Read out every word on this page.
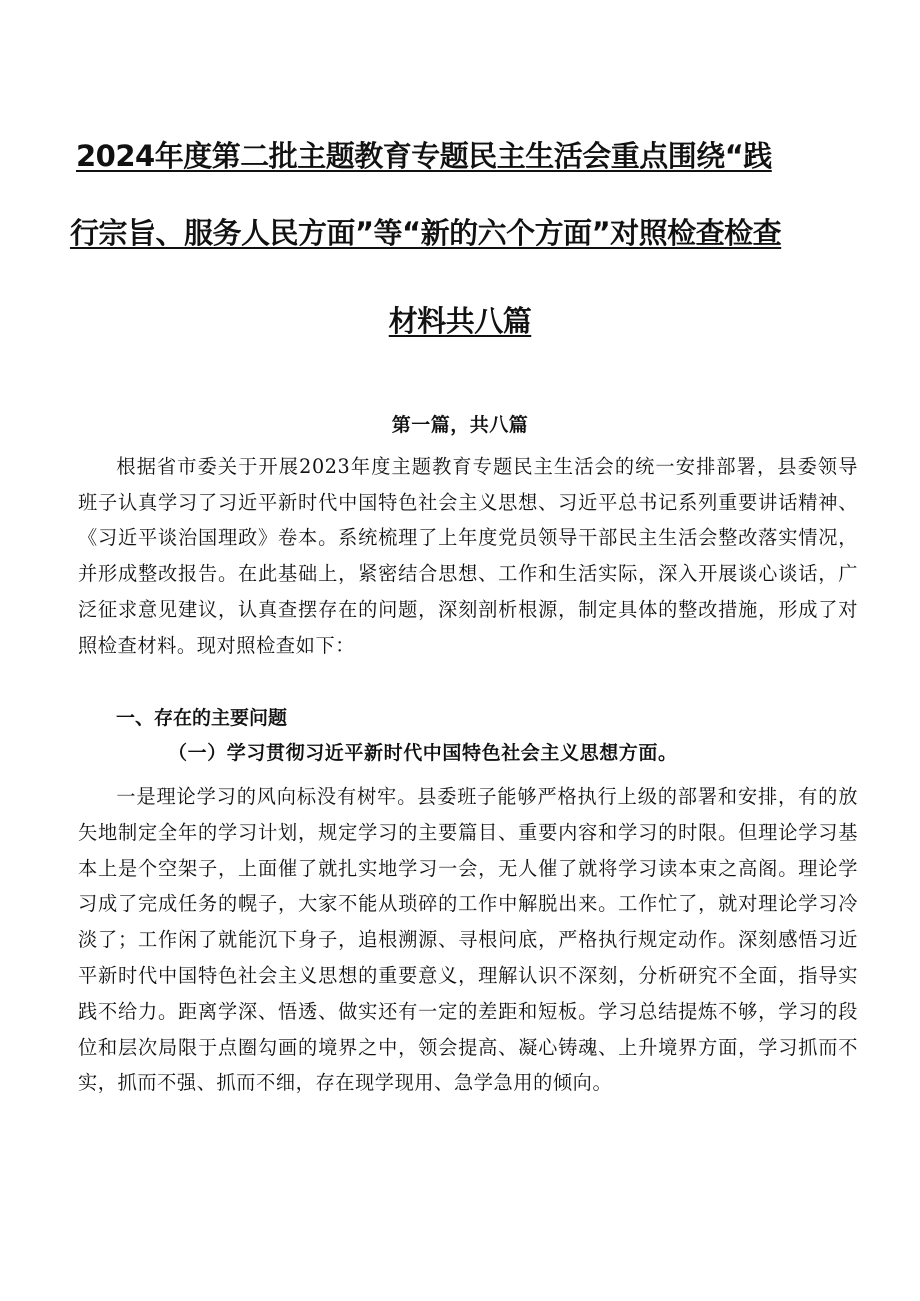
2024年度第二批主题教育专题民主生活会重点围绕“践
行宗旨、服务人民方面”等“新的六个方面”对照检查检查
材料共八篇
第一篇，共八篇

根据省市委关于开展2023年度主题教育专题民主生活会的统一安排部署，县委领导班子认真学习了习近平新时代中国特色社会主义思想、习近平总书记系列重要讲话精神、《习近平谈治国理政》卷本。系统梳理了上年度党员领导干部民主生活会整改落实情况，并形成整改报告。在此基础上，紧密结合思想、工作和生活实际，深入开展谈心谈话，广泛征求意见建议，认真查摆存在的问题，深刻剖析根源，制定具体的整改措施，形成了对照检查材料。现对照检查如下：

一、存在的主要问题
（一）学习贯彻习近平新时代中国特色社会主义思想方面。

一是理论学习的风向标没有树牢。县委班子能够严格执行上级的部署和安排，有的放矢地制定全年的学习计划，规定学习的主要篇目、重要内容和学习的时限。但理论学习基本上是个空架子，上面催了就扎实地学习一会，无人催了就将学习读本束之高阁。理论学习成了完成任务的幌子，大家不能从琐碎的工作中解脱出来。工作忙了，就对理论学习冷淡了；工作闲了就能沉下身子，追根溯源、寻根问底，严格执行规定动作。深刻感悟习近平新时代中国特色社会主义思想的重要意义，理解认识不深刻，分析研究不全面，指导实践不给力。距离学深、悟透、做实还有一定的差距和短板。学习总结提炼不够，学习的段位和层次局限于点圈勾画的境界之中，领会提高、凝心铸魂、上升境界方面，学习抓而不实，抓而不强、抓而不细，存在现学现用、急学急用的倾向。
